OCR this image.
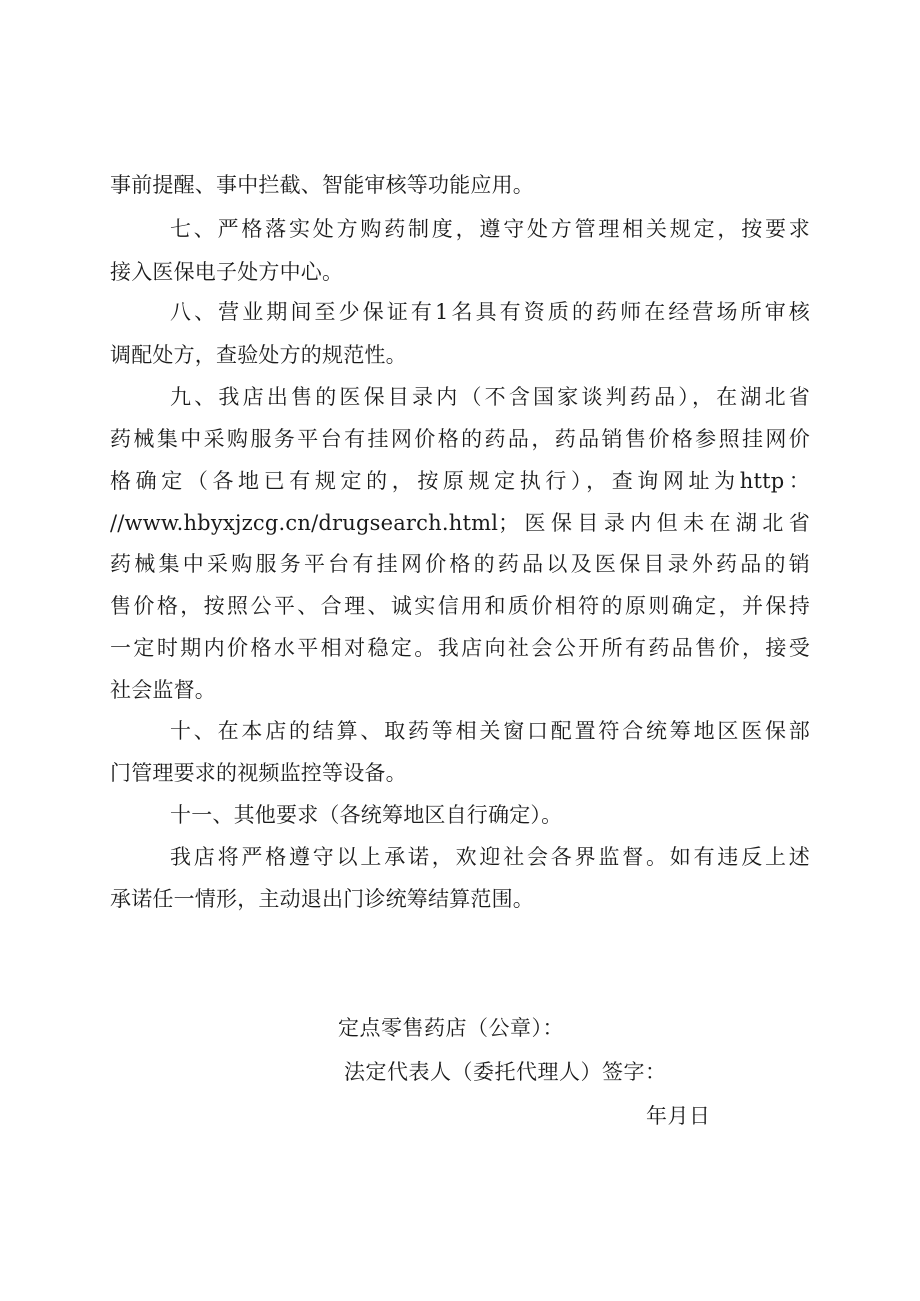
事前提醒、事中拦截、智能审核等功能应用。
七、严格落实处方购药制度，遵守处方管理相关规定，按要求
接入医保电子处方中心。
八、营业期间至少保证有1名具有资质的药师在经营场所审核
调配处方，查验处方的规范性。
九、我店出售的医保目录内（不含国家谈判药品），在湖北省
药械集中采购服务平台有挂网价格的药品，药品销售价格参照挂网价
格确定（各地已有规定的，按原规定执行），查询网址为http：
//www.hbyxjzcg.cn/drugsearch.html；医保目录内但未在湖北省
药械集中采购服务平台有挂网价格的药品以及医保目录外药品的销
售价格，按照公平、合理、诚实信用和质价相符的原则确定，并保持
一定时期内价格水平相对稳定。我店向社会公开所有药品售价，接受
社会监督。
十、在本店的结算、取药等相关窗口配置符合统筹地区医保部
门管理要求的视频监控等设备。
十一、其他要求（各统筹地区自行确定）。
我店将严格遵守以上承诺，欢迎社会各界监督。如有违反上述
承诺任一情形，主动退出门诊统筹结算范围。
定点零售药店（公章）：
法定代表人（委托代理人）签字：
年月日
